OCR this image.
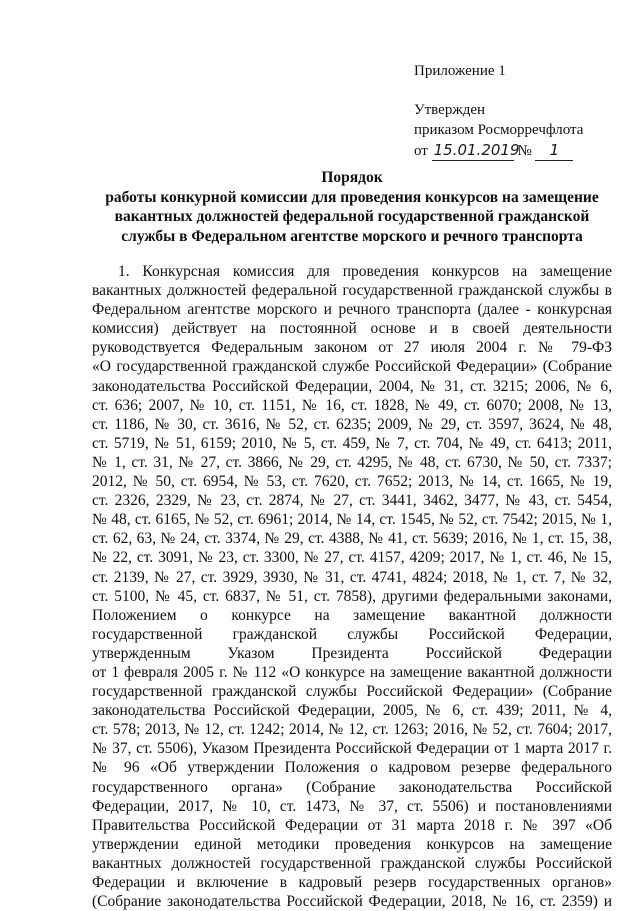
Приложение 1
Утвержден
приказом Росморречфлота
от 15.01.2019 № 1
Порядок
работы конкурной комиссии для проведения конкурсов на замещение
вакантных должностей федеральной государственной гражданской
службы в Федеральном агентстве морского и речного транспорта
1. Конкурсная комиссия для проведения конкурсов на замещение
вакантных должностей федеральной государственной гражданской службы в
Федеральном агентстве морского и речного транспорта (далее - конкурсная
комиссия) действует на постоянной основе и в своей деятельности
руководствуется Федеральным законом от 27 июля 2004 г. № 79-ФЗ
«О государственной гражданской службе Российской Федерации» (Собрание
законодательства Российской Федерации, 2004, № 31, ст. 3215; 2006, № 6,
ст. 636; 2007, № 10, ст. 1151, № 16, ст. 1828, № 49, ст. 6070; 2008, № 13,
ст. 1186, № 30, ст. 3616, № 52, ст. 6235; 2009, № 29, ст. 3597, 3624, № 48,
ст. 5719, № 51, 6159; 2010, № 5, ст. 459, № 7, ст. 704, № 49, ст. 6413; 2011,
№ 1, ст. 31, № 27, ст. 3866, № 29, ст. 4295, № 48, ст. 6730, № 50, ст. 7337;
2012, № 50, ст. 6954, № 53, ст. 7620, ст. 7652; 2013, № 14, ст. 1665, № 19,
ст. 2326, 2329, № 23, ст. 2874, № 27, ст. 3441, 3462, 3477, № 43, ст. 5454,
№ 48, ст. 6165, № 52, ст. 6961; 2014, № 14, ст. 1545, № 52, ст. 7542; 2015, № 1,
ст. 62, 63, № 24, ст. 3374, № 29, ст. 4388, № 41, ст. 5639; 2016, № 1, ст. 15, 38,
№ 22, ст. 3091, № 23, ст. 3300, № 27, ст. 4157, 4209; 2017, № 1, ст. 46, № 15,
ст. 2139, № 27, ст. 3929, 3930, № 31, ст. 4741, 4824; 2018, № 1, ст. 7, № 32,
ст. 5100, № 45, ст. 6837, № 51, ст. 7858), другими федеральными законами,
Положением о конкурсе на замещение вакантной должности
государственной гражданской службы Российской Федерации,
утвержденным Указом Президента Российской Федерации
от 1 февраля 2005 г. № 112 «О конкурсе на замещение вакантной должности
государственной гражданской службы Российской Федерации» (Собрание
законодательства Российской Федерации, 2005, № 6, ст. 439; 2011, № 4,
ст. 578; 2013, № 12, ст. 1242; 2014, № 12, ст. 1263; 2016, № 52, ст. 7604; 2017,
№ 37, ст. 5506), Указом Президента Российской Федерации от 1 марта 2017 г.
№ 96 «Об утверждении Положения о кадровом резерве федерального
государственного органа» (Собрание законодательства Российской
Федерации, 2017, № 10, ст. 1473, № 37, ст. 5506) и постановлениями
Правительства Российской Федерации от 31 марта 2018 г. № 397 «Об
утверждении единой методики проведения конкурсов на замещение
вакантных должностей государственной гражданской службы Российской
Федерации и включение в кадровый резерв государственных органов»
(Собрание законодательства Российской Федерации, 2018, № 16, ст. 2359) и
